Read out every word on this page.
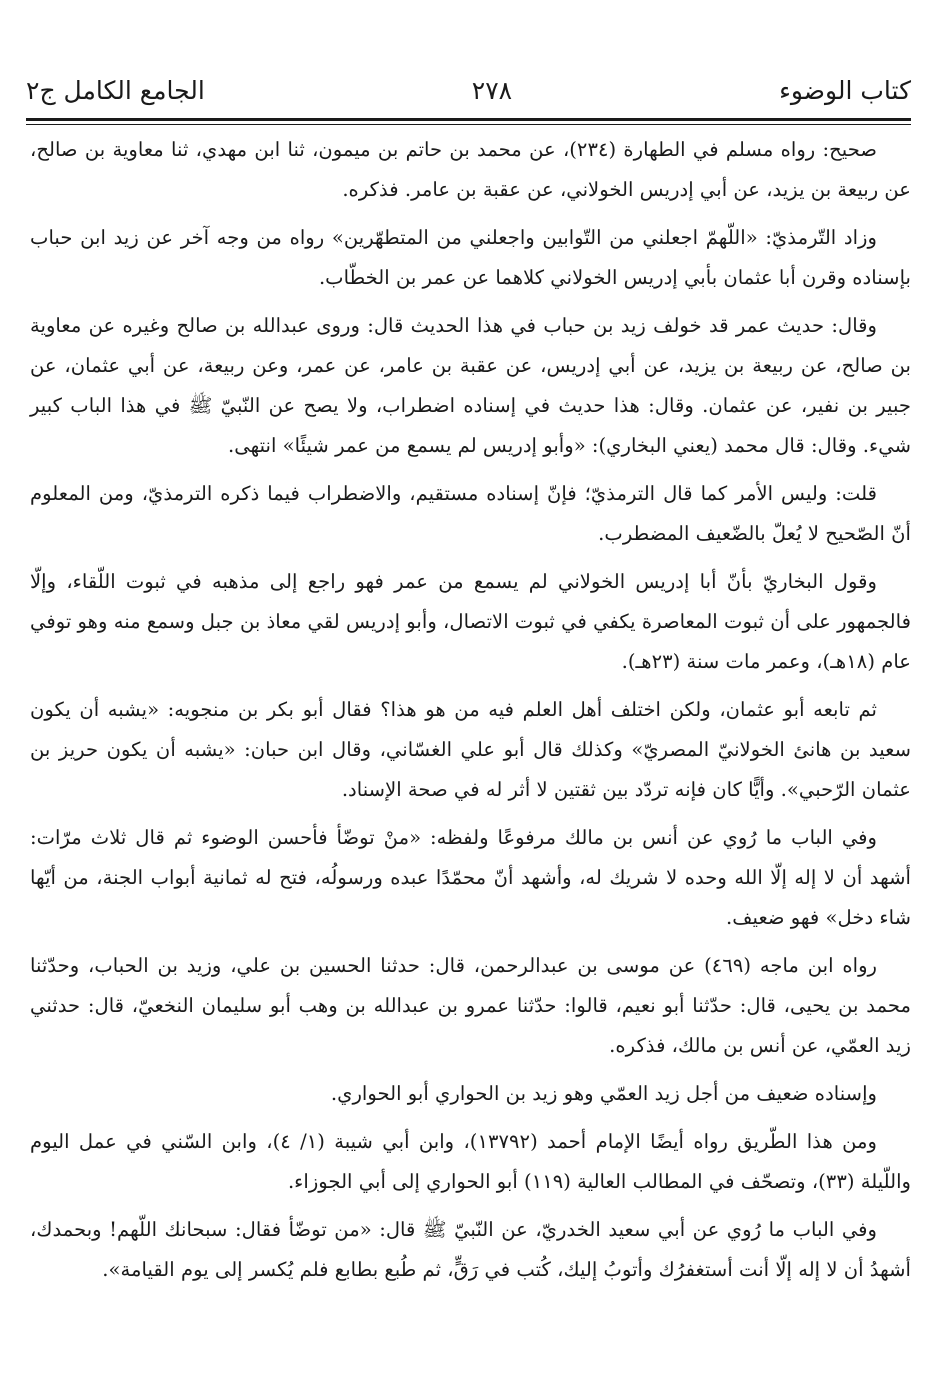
كتاب الوضوء
٢٧٨
الجامع الكامل ج٢

صحيح: رواه مسلم في الطهارة (٢٣٤)، عن محمد بن حاتم بن ميمون، ثنا ابن مهدي، ثنا معاوية بن صالح، عن ربيعة بن يزيد، عن أبي إدريس الخولاني، عن عقبة بن عامر. فذكره.

وزاد التّرمذيّ: «اللّهمّ اجعلني من التّوابين واجعلني من المتطهّرين» رواه من وجه آخر عن زيد ابن حباب بإسناده وقرن أبا عثمان بأبي إدريس الخولاني كلاهما عن عمر بن الخطّاب.

وقال: حديث عمر قد خولف زيد بن حباب في هذا الحديث قال: وروى عبدالله بن صالح وغيره عن معاوية بن صالح، عن ربيعة بن يزيد، عن أبي إدريس، عن عقبة بن عامر، عن عمر، وعن ربيعة، عن أبي عثمان، عن جبير بن نفير، عن عثمان. وقال: هذا حديث في إسناده اضطراب، ولا يصح عن النّبيّ ﷺ في هذا الباب كبير شيء. وقال: قال محمد (يعني البخاري): «وأبو إدريس لم يسمع من عمر شيئًا» انتهى.

قلت: وليس الأمر كما قال الترمذيّ؛ فإنّ إسناده مستقيم، والاضطراب فيما ذكره الترمذيّ، ومن المعلوم أنّ الصّحيح لا يُعلّ بالضّعيف المضطرب.

وقول البخاريّ بأنّ أبا إدريس الخولاني لم يسمع من عمر فهو راجع إلى مذهبه في ثبوت اللّقاء، وإلّا فالجمهور على أن ثبوت المعاصرة يكفي في ثبوت الاتصال، وأبو إدريس لقي معاذ بن جبل وسمع منه وهو توفي عام (١٨هـ)، وعمر مات سنة (٢٣هـ).

ثم تابعه أبو عثمان، ولكن اختلف أهل العلم فيه من هو هذا؟ فقال أبو بكر بن منجويه: «يشبه أن يكون سعيد بن هانئ الخولانيّ المصريّ» وكذلك قال أبو علي الغسّاني، وقال ابن حبان: «يشبه أن يكون حريز بن عثمان الرّحبي». وأيًّا كان فإنه تردّد بين ثقتين لا أثر له في صحة الإسناد.

وفي الباب ما رُوي عن أنس بن مالك مرفوعًا ولفظه: «منْ توضّأ فأحسن الوضوء ثم قال ثلاث مرّات: أشهد أن لا إله إلّا الله وحده لا شريك له، وأشهد أنّ محمّدًا عبده ورسولُه، فتح له ثمانية أبواب الجنة، من أيّها شاء دخل» فهو ضعيف.

رواه ابن ماجه (٤٦٩) عن موسى بن عبدالرحمن، قال: حدثنا الحسين بن علي، وزيد بن الحباب، وحدّثنا محمد بن يحيى، قال: حدّثنا أبو نعيم، قالوا: حدّثنا عمرو بن عبدالله بن وهب أبو سليمان النخعيّ، قال: حدثني زيد العمّي، عن أنس بن مالك، فذكره.

وإسناده ضعيف من أجل زيد العمّي وهو زيد بن الحواري أبو الحواري.

ومن هذا الطّريق رواه أيضًا الإمام أحمد (١٣٧٩٢)، وابن أبي شيبة (١/ ٤)، وابن السّني في عمل اليوم واللّيلة (٣٣)، وتصحّف في المطالب العالية (١١٩) أبو الحواري إلى أبي الجوزاء.

وفي الباب ما رُوي عن أبي سعيد الخدريّ، عن النّبيّ ﷺ قال: «من توضّأ فقال: سبحانك اللّهم! وبحمدك، أشهدُ أن لا إله إلّا أنت أستغفرُك وأتوبُ إليك، كُتب في رَقٍّ، ثم طُبع بطابع فلم يُكسر إلى يوم القيامة».
